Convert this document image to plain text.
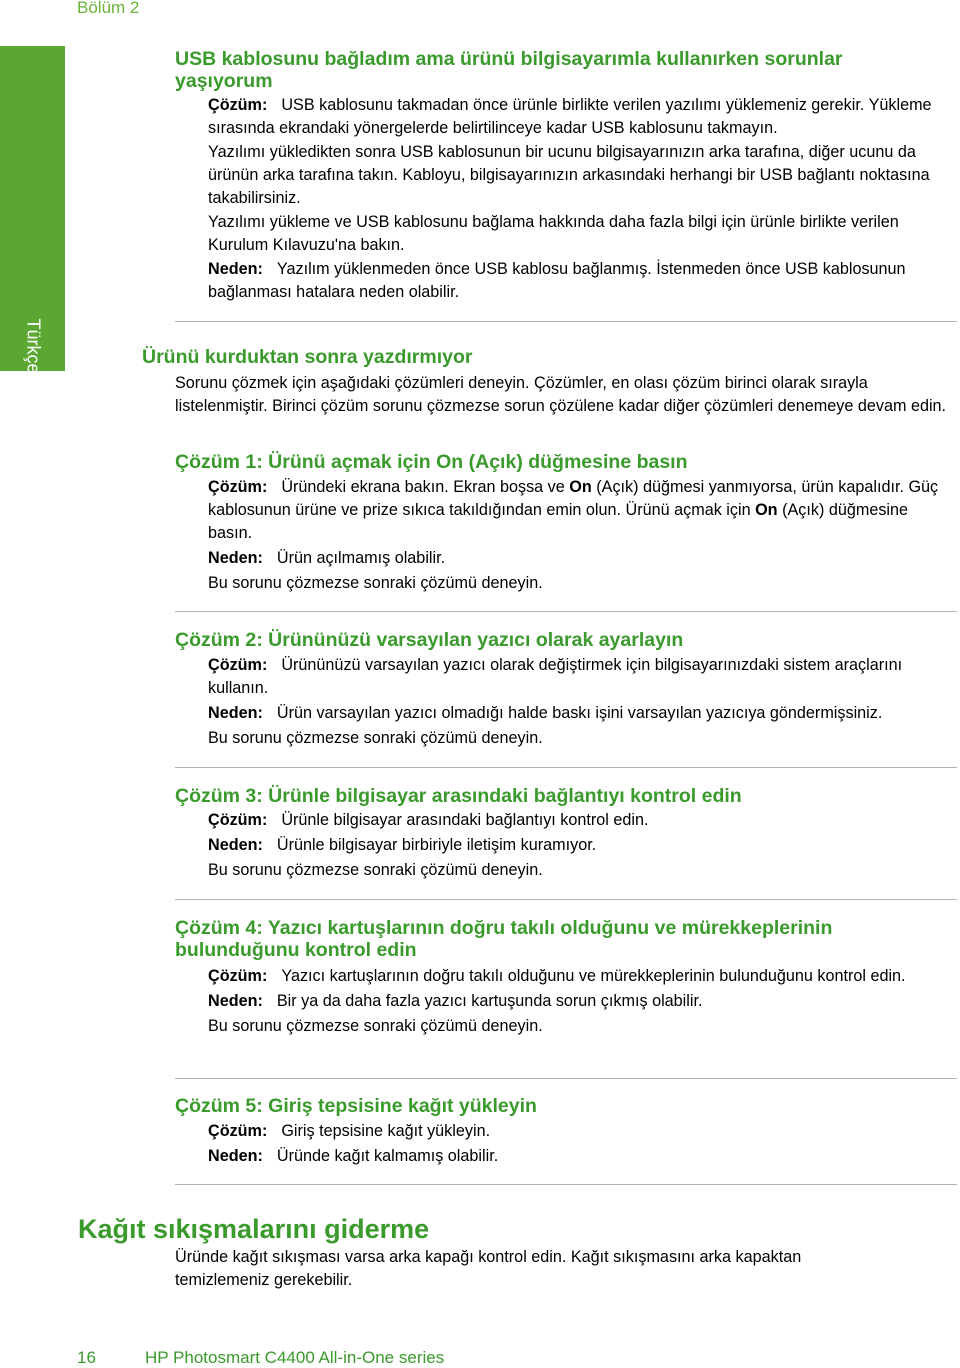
Bölüm 2
Türkçe
USB kablosunu bağladım ama ürünü bilgisayarımla kullanırken sorunlar
yaşıyorum
Çözüm: USB kablosunu takmadan önce ürünle birlikte verilen yazılımı yüklemeniz gerekir. Yükleme sırasında ekrandaki yönergelerde belirtilinceye kadar USB kablosunu takmayın.
Yazılımı yükledikten sonra USB kablosunun bir ucunu bilgisayarınızın arka tarafına, diğer ucunu da ürünün arka tarafına takın. Kabloyu, bilgisayarınızın arkasındaki herhangi bir USB bağlantı noktasına takabilirsiniz.
Yazılımı yükleme ve USB kablosunu bağlama hakkında daha fazla bilgi için ürünle birlikte verilen Kurulum Kılavuzu'na bakın.
Neden: Yazılım yüklenmeden önce USB kablosu bağlanmış. İstenmeden önce USB kablosunun bağlanması hatalara neden olabilir.
Ürünü kurduktan sonra yazdırmıyor
Sorunu çözmek için aşağıdaki çözümleri deneyin. Çözümler, en olası çözüm birinci olarak sırayla listelenmiştir. Birinci çözüm sorunu çözmezse sorun çözülene kadar diğer çözümleri denemeye devam edin.
Çözüm 1: Ürünü açmak için On (Açık) düğmesine basın
Çözüm: Üründeki ekrana bakın. Ekran boşsa ve On (Açık) düğmesi yanmıyorsa, ürün kapalıdır. Güç kablosunun ürüne ve prize sıkıca takıldığından emin olun. Ürünü açmak için On (Açık) düğmesine basın.
Neden: Ürün açılmamış olabilir.
Bu sorunu çözmezse sonraki çözümü deneyin.
Çözüm 2: Ürününüzü varsayılan yazıcı olarak ayarlayın
Çözüm: Ürününüzü varsayılan yazıcı olarak değiştirmek için bilgisayarınızdaki sistem araçlarını kullanın.
Neden: Ürün varsayılan yazıcı olmadığı halde baskı işini varsayılan yazıcıya göndermişsiniz.
Bu sorunu çözmezse sonraki çözümü deneyin.
Çözüm 3: Ürünle bilgisayar arasındaki bağlantıyı kontrol edin
Çözüm: Ürünle bilgisayar arasındaki bağlantıyı kontrol edin.
Neden: Ürünle bilgisayar birbiriyle iletişim kuramıyor.
Bu sorunu çözmezse sonraki çözümü deneyin.
Çözüm 4: Yazıcı kartuşlarının doğru takılı olduğunu ve mürekkeplerinin
bulunduğunu kontrol edin
Çözüm: Yazıcı kartuşlarının doğru takılı olduğunu ve mürekkeplerinin bulunduğunu kontrol edin.
Neden: Bir ya da daha fazla yazıcı kartuşunda sorun çıkmış olabilir.
Bu sorunu çözmezse sonraki çözümü deneyin.
Çözüm 5: Giriş tepsisine kağıt yükleyin
Çözüm: Giriş tepsisine kağıt yükleyin.
Neden: Üründe kağıt kalmamış olabilir.
Kağıt sıkışmalarını giderme
Üründe kağıt sıkışması varsa arka kapağı kontrol edin. Kağıt sıkışmasını arka kapaktan temizlemeniz gerekebilir.
16	HP Photosmart C4400 All-in-One series
